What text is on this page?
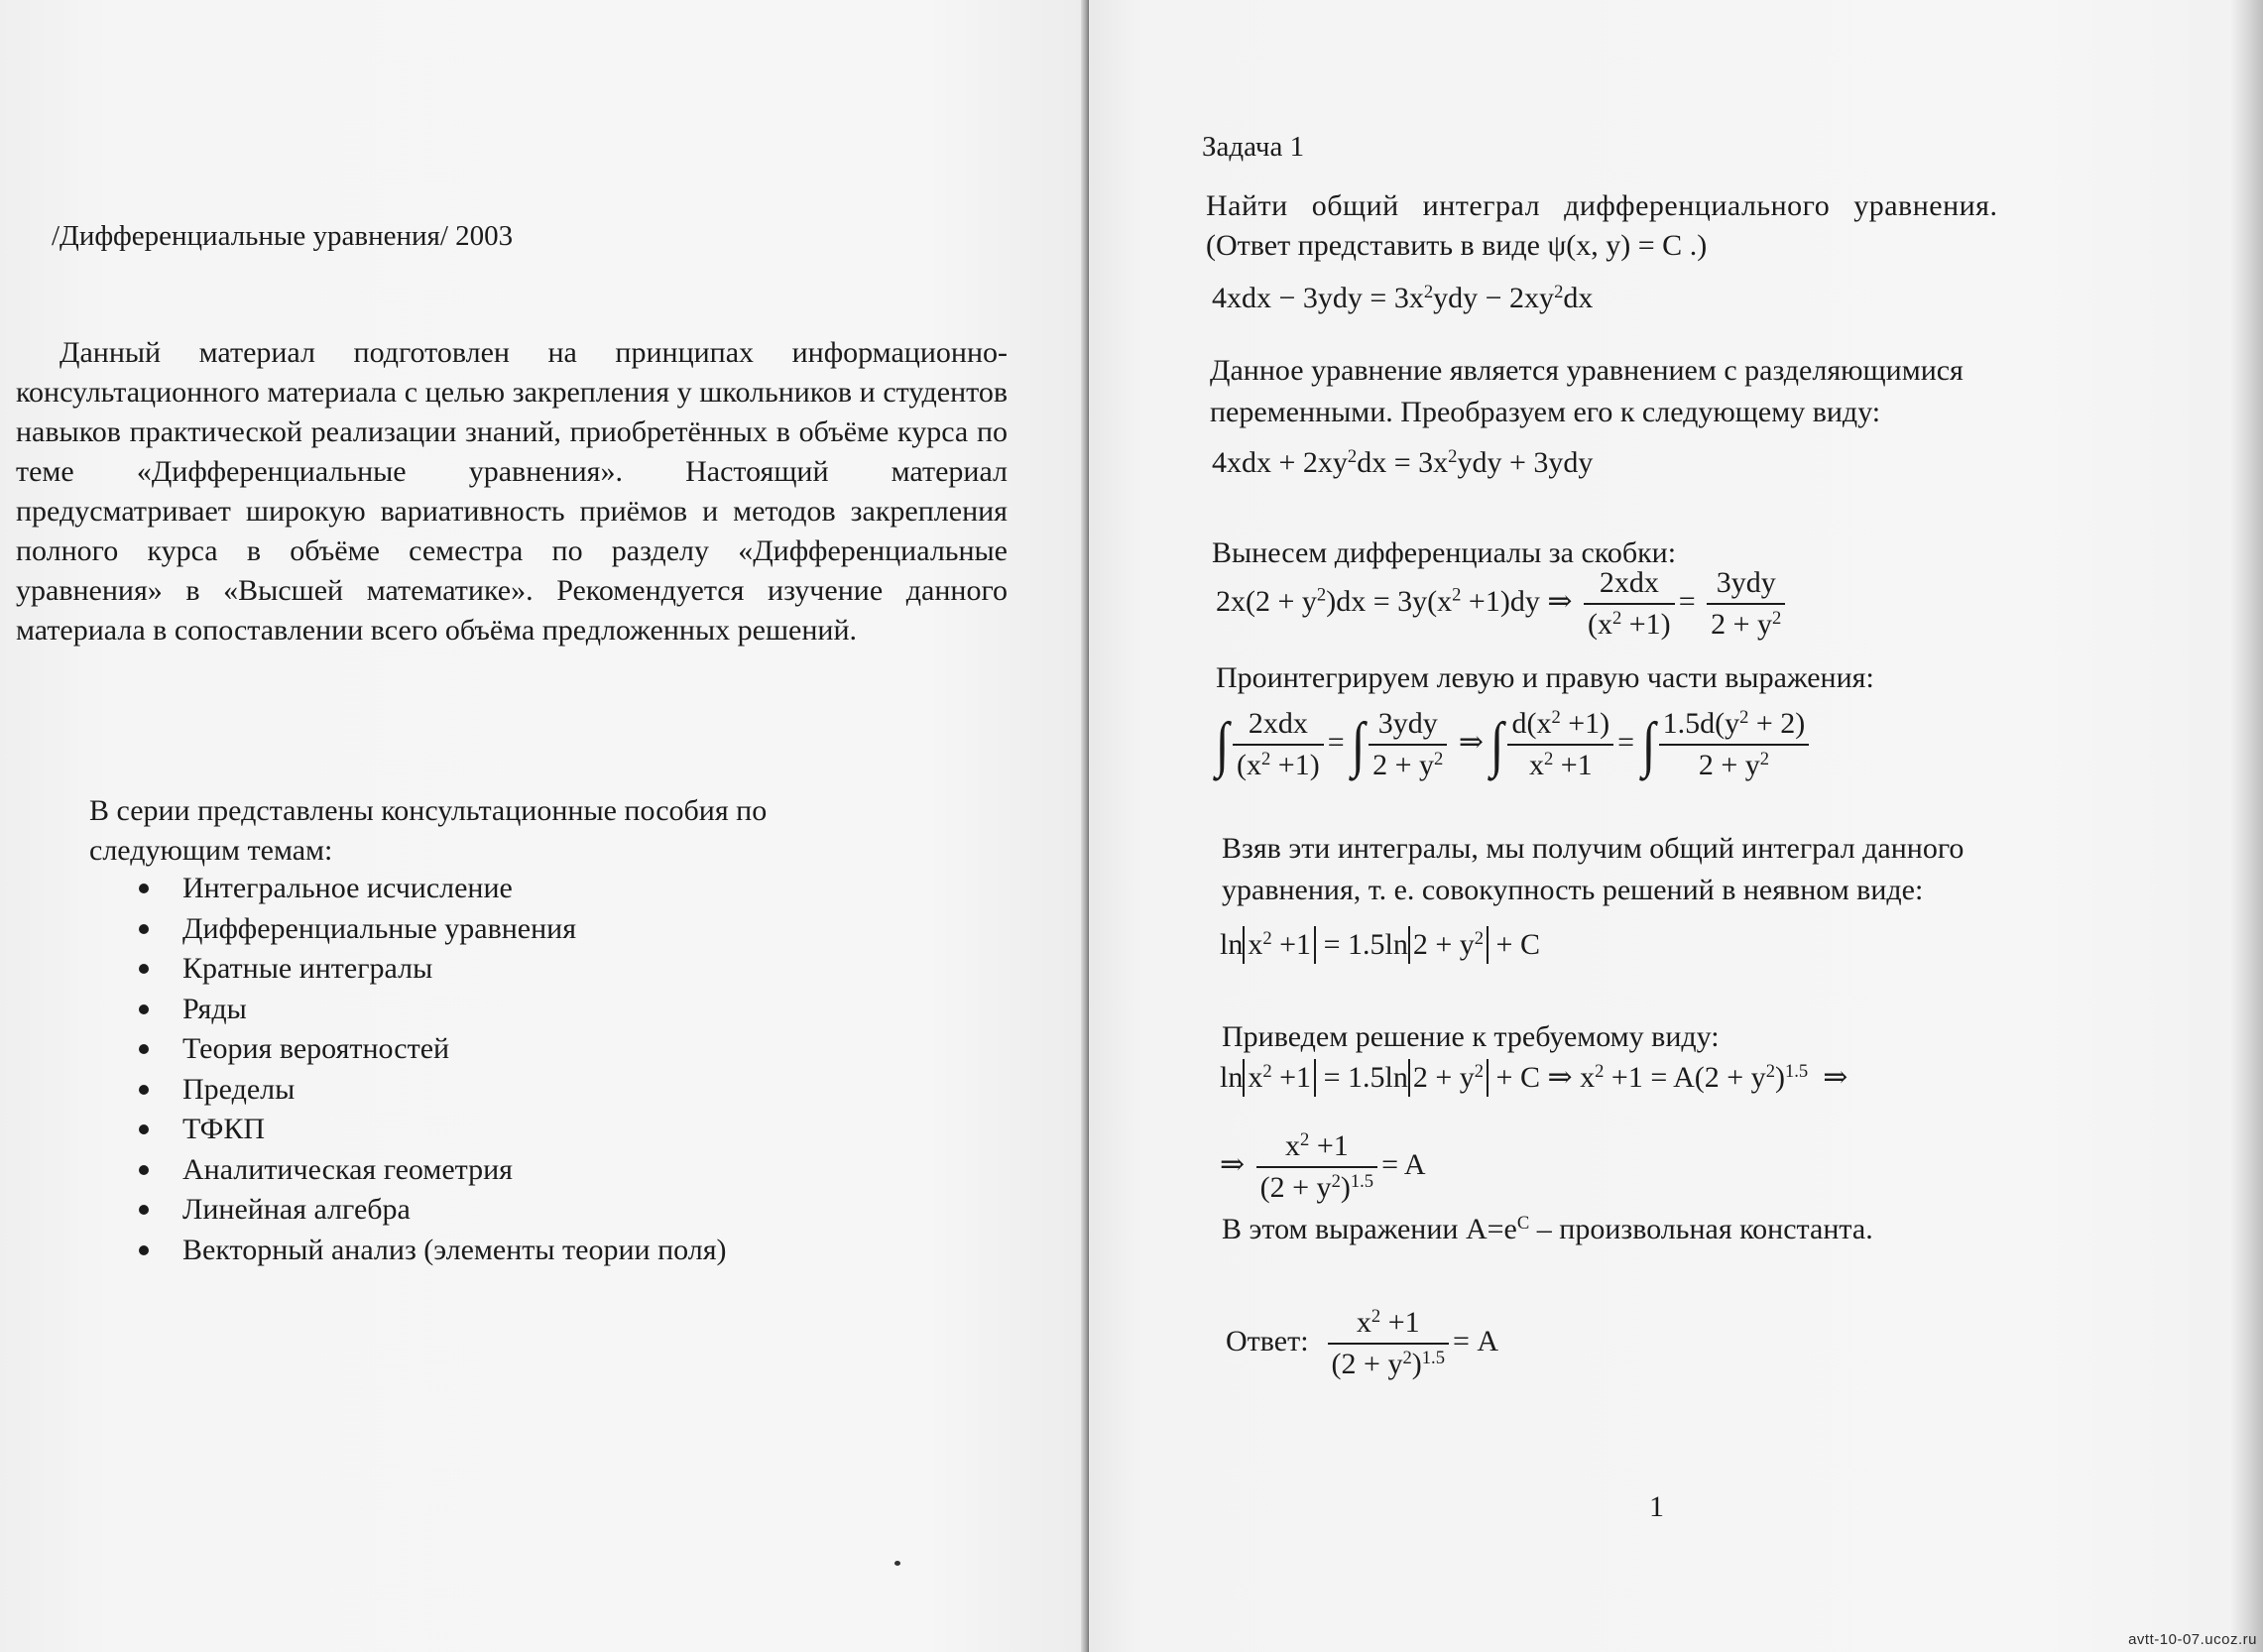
/Дифференциальные уравнения/ 2003
Данный материал подготовлен на принципах информационно-консультационного материала с целью закрепления у школьников и студентов навыков практической реализации знаний, приобретённых в объёме курса по теме «Дифференциальные уравнения». Настоящий материал предусматривает широкую вариативность приёмов и методов закрепления полного курса в объёме семестра по разделу «Дифференциальные уравнения» в «Высшей математике». Рекомендуется изучение данного материала в сопоставлении всего объёма предложенных решений.
В серии представлены консультационные пособия по следующим темам:
Интегральное исчисление
Дифференциальные уравнения
Кратные интегралы
Ряды
Теория вероятностей
Пределы
ТФКП
Аналитическая геометрия
Линейная алгебра
Векторный анализ (элементы теории поля)
Задача 1
Найти общий интеграл дифференциального уравнения.
(Ответ представить в виде ψ(x, y) = C .)
$4xdx - 3ydy = 3x^2ydy - 2xy^2dx$
Данное уравнение является уравнением с разделяющимися
переменными. Преобразуем его к следующему виду:
$4xdx + 2xy^2dx = 3x^2ydy + 3ydy$
Вынесем дифференциалы за скобки:
$2x(2 + y^2)dx = 3y(x^2 +1)dy$ ⇒ $\frac{\text{2xdx}}{(x^2 +1)} = \frac{\text{3ydy}}{2 + y^2}$
Проинтегрируем левую и правую части выражения:
∫ $\frac{\text{2xdx}}{(x^2 +1)}$ = ∫ $\frac{\text{3ydy}}{2 + y^2}$ ⇒ ∫ $\frac{d(x^2 +1)}{x^2 +1}$ = ∫ $\frac{1.5d(y^2 + 2)}{2 + y^2}$
Взяв эти интегралы, мы получим общий интеграл данного
уравнения, т. е. совокупность решений в неявном виде:
$\ln x^2 +1 = 1.5\ln$ $2 + y^2 + C$
Приведем решение к требуемому виду:
$\ln x^2 +1 = 1.5\ln$ $2 + y^2 + C$ ⇒ $x^2 +1 = A(2 + y^2)^{1.5}$  ⇒
⇒ $\frac{x^2 +1}{(2 + y^2)^{1.5}} = A$
В этом выражении $A=e^C$ – произвольная константа.
Ответ: $\frac{x^2 +1}{(2 + y^2)^{1.5}} = A$
1
avtt-10-07.ucoz.ru
